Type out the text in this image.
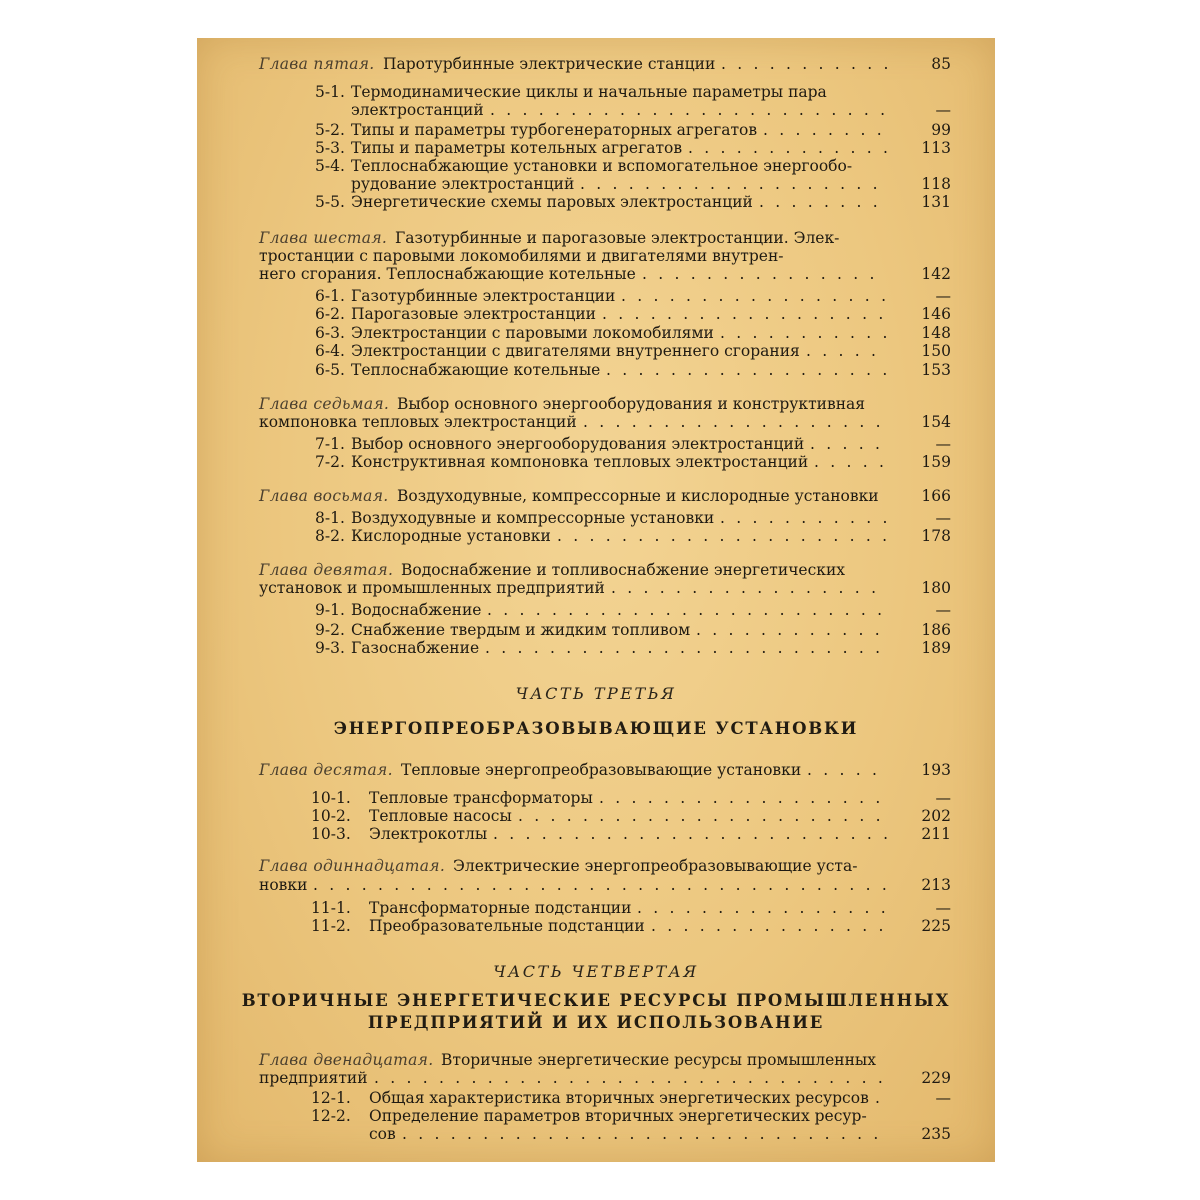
Глава пятая. Паротурбинные электрические станции	85
. . .
5-1. Термодинамические циклы и начальные параметры пара
электростанций	—
. . .
5-2. Типы и параметры турбогенераторных агрегатов	99
. . .
5-3. Типы и параметры котельных агрегатов	113
. . .
5-4. Теплоснабжающие установки и вспомогательное энергообо-
рудование электростанций	118
. . .
5-5. Энергетические схемы паровых электростанций	131
. . .
Глава шестая. Газотурбинные и парогазовые электростанции. Элек-
тростанции с паровыми локомобилями и двигателями внутрен-
него сгорания. Теплоснабжающие котельные	142
. . .
6-1. Газотурбинные электростанции	—
. . .
6-2. Парогазовые электростанции	146
. . .
6-3. Электростанции с паровыми локомобилями	148
. . .
6-4. Электростанции с двигателями внутреннего сгорания	150
. . .
6-5. Теплоснабжающие котельные	153
. . .
Глава седьмая. Выбор основного энергооборудования и конструктивная
компоновка тепловых электростанций	154
. . .
7-1. Выбор основного энергооборудования электростанций	—
. . .
7-2. Конструктивная компоновка тепловых электростанций	159
. . .
Глава восьмая. Воздуходувные, компрессорные и кислородные установки	166
8-1. Воздуходувные и компрессорные установки	—
. . .
8-2. Кислородные установки	178
. . .
Глава девятая. Водоснабжение и топливоснабжение энергетических
установок и промышленных предприятий	180
. . .
9-1. Водоснабжение	—
. . .
9-2. Снабжение твердым и жидким топливом	186
. . .
9-3. Газоснабжение	189
. . .
Глава десятая. Тепловые энергопреобразовывающие установки	193
. . .
10-1. Тепловые трансформаторы	—
. . .
10-2. Тепловые насосы	202
. . .
10-3. Электрокотлы	211
. . .
Глава одиннадцатая. Электрические энергопреобразовывающие уста-
новки	213
. . .
11-1. Трансформаторные подстанции	—
. . .
11-2. Преобразовательные подстанции	225
. . .
Глава двенадцатая. Вторичные энергетические ресурсы промышленных
предприятий	229
. . .
12-1. Общая характеристика вторичных энергетических ресурсов	—
. . .
12-2. Определение параметров вторичных энергетических ресур-
сов	235
. . .
ЧАСТЬ ТРЕТЬЯ
ЭНЕРГОПРЕОБРАЗОВЫВАЮЩИЕ УСТАНОВКИ
ЧАСТЬ ЧЕТВЕРТАЯ
ВТОРИЧНЫЕ ЭНЕРГЕТИЧЕСКИЕ РЕСУРСЫ ПРОМЫШЛЕННЫХ
ПРЕДПРИЯТИЙ И ИХ ИСПОЛЬЗОВАНИЕ
